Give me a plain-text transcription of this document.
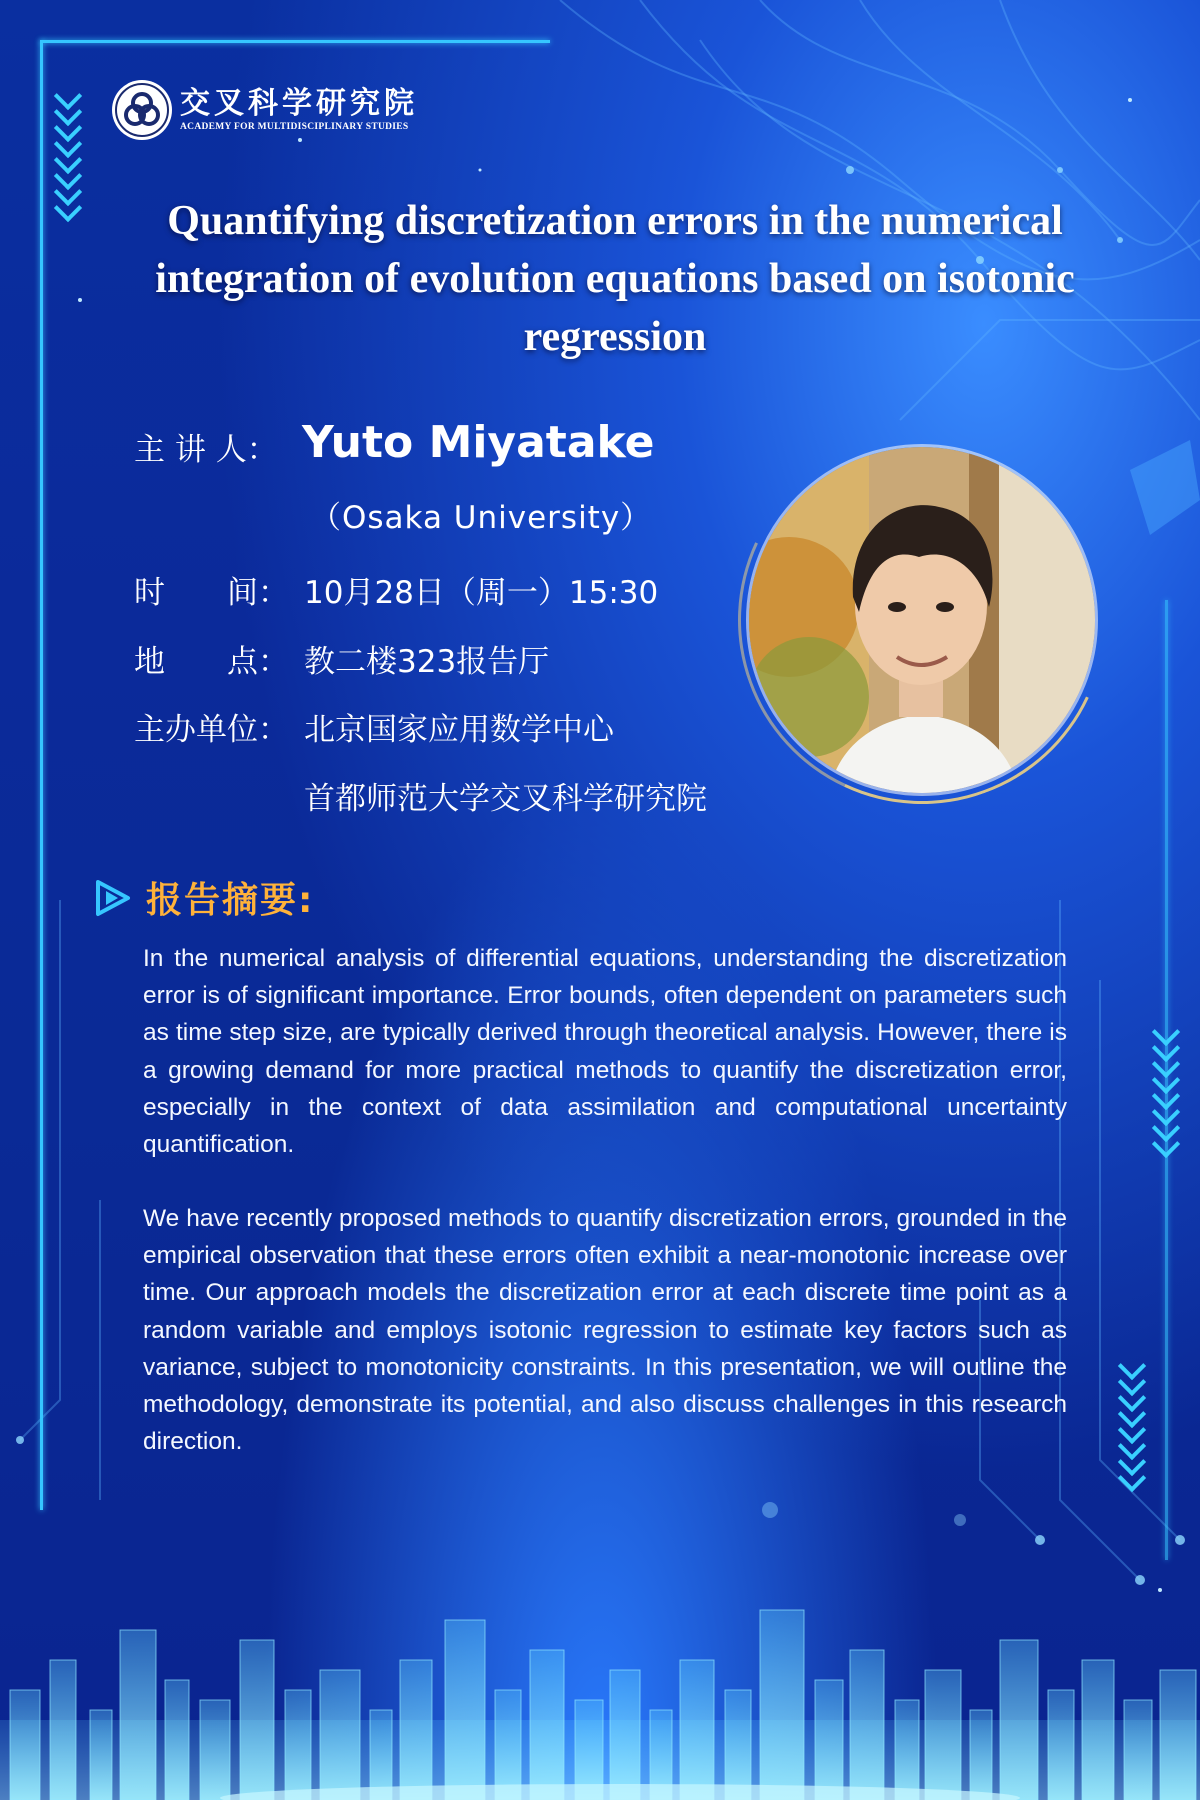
交叉科学研究院
ACADEMY FOR MULTIDISCIPLINARY STUDIES
Quantifying discretization errors in the numerical integration of evolution equations based on isotonic regression
主 讲 人： Yuto Miyatake
（Osaka University）
时　　间： 10月28日（周一）15:30
地　　点： 教二楼323报告厅
主办单位： 北京国家应用数学中心
首都师范大学交叉科学研究院
报告摘要:
In the numerical analysis of differential equations, understanding the discretization error is of significant importance. Error bounds, often dependent on parameters such as time step size, are typically derived through theoretical analysis. However, there is a growing demand for more practical methods to quantify the discretization error, especially in the context of data assimilation and computational uncertainty quantification.
We have recently proposed methods to quantify discretization errors, grounded in the empirical observation that these errors often exhibit a near-monotonic increase over time. Our approach models the discretization error at each discrete time point as a random variable and employs isotonic regression to estimate key factors such as variance, subject to monotonicity constraints. In this presentation, we will outline the methodology, demonstrate its potential, and also discuss challenges in this research direction.
